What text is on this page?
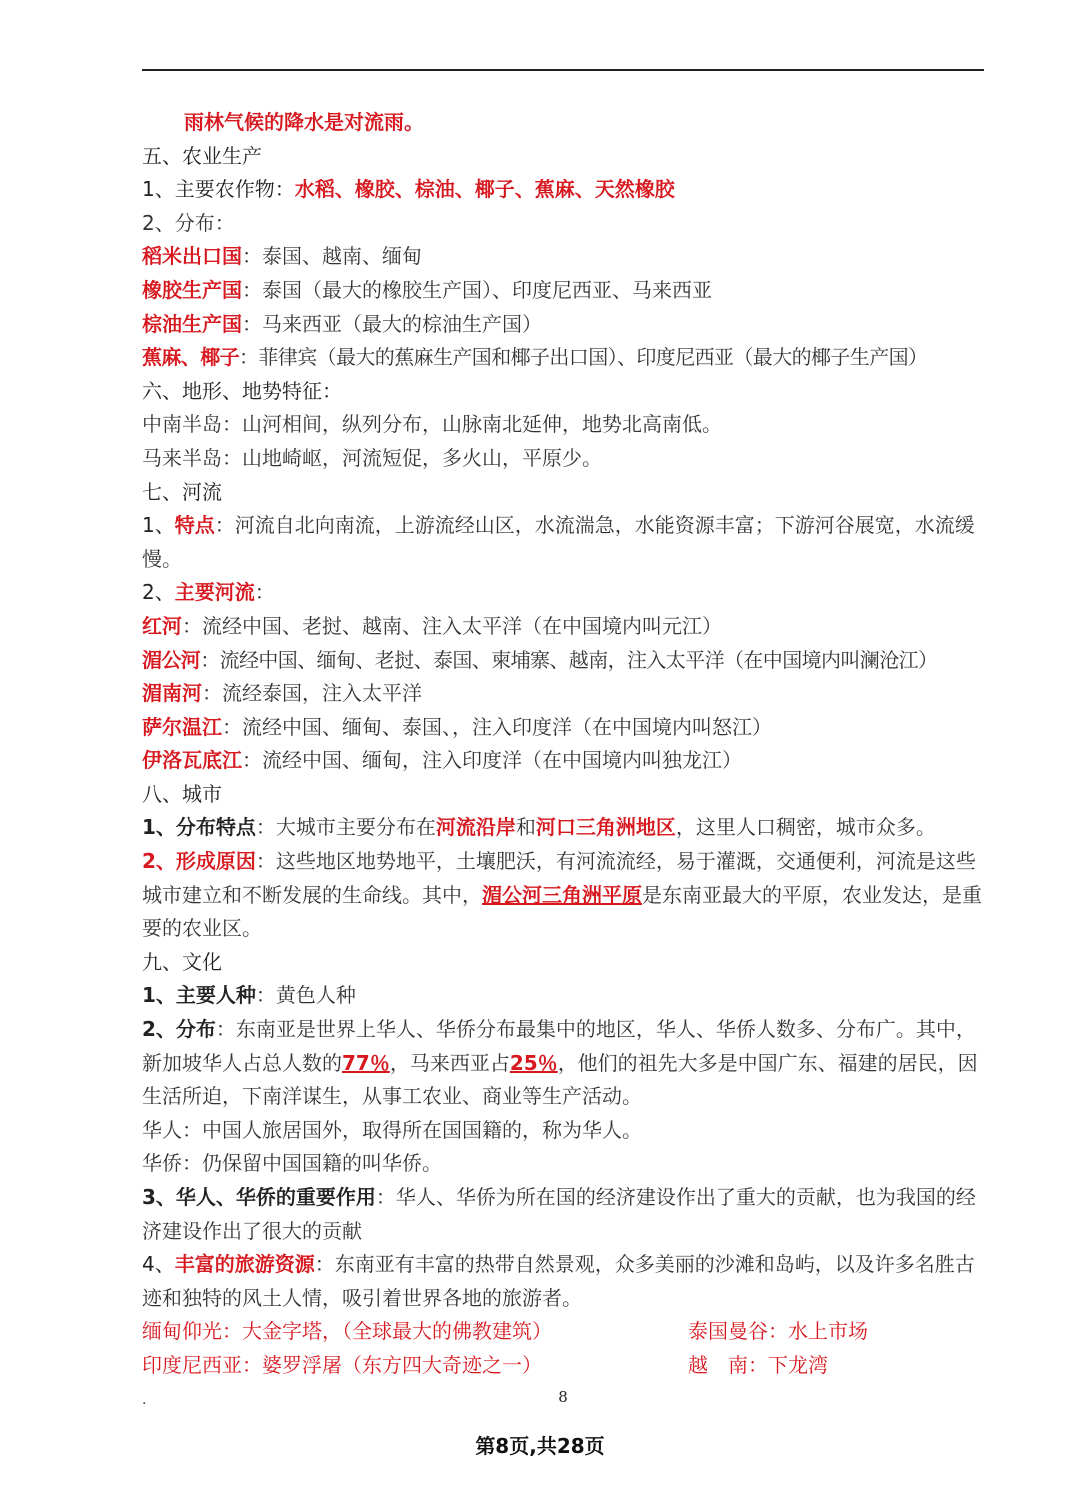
雨林气候的降水是对流雨。
五、农业生产
1、主要农作物：水稻、橡胶、棕油、椰子、蕉麻、天然橡胶
2、分布：
稻米出口国：泰国、越南、缅甸
橡胶生产国：泰国（最大的橡胶生产国）、印度尼西亚、马来西亚
棕油生产国：马来西亚（最大的棕油生产国）
蕉麻、椰子：菲律宾（最大的蕉麻生产国和椰子出口国）、印度尼西亚（最大的椰子生产国）
六、地形、地势特征：
中南半岛：山河相间，纵列分布，山脉南北延伸，地势北高南低。
马来半岛：山地崎岖，河流短促，多火山，平原少。
七、河流
1、特点：河流自北向南流，上游流经山区，水流湍急，水能资源丰富；下游河谷展宽，水流缓慢。
2、主要河流：
红河：流经中国、老挝、越南、注入太平洋（在中国境内叫元江）
湄公河：流经中国、缅甸、老挝、泰国、柬埔寨、越南，注入太平洋（在中国境内叫澜沧江）
湄南河：流经泰国，注入太平洋
萨尔温江：流经中国、缅甸、泰国、，注入印度洋（在中国境内叫怒江）
伊洛瓦底江：流经中国、缅甸，注入印度洋（在中国境内叫独龙江）
八、城市
1、分布特点：大城市主要分布在河流沿岸和河口三角洲地区，这里人口稠密，城市众多。
2、形成原因：这些地区地势地平，土壤肥沃，有河流流经，易于灌溉，交通便利，河流是这些城市建立和不断发展的生命线。其中，湄公河三角洲平原是东南亚最大的平原，农业发达，是重要的农业区。
九、文化
1、主要人种：黄色人种
2、分布：东南亚是世界上华人、华侨分布最集中的地区，华人、华侨人数多、分布广。其中，新加坡华人占总人数的77％，马来西亚占25％，他们的祖先大多是中国广东、福建的居民，因生活所迫，下南洋谋生，从事工农业、商业等生产活动。
华人：中国人旅居国外，取得所在国国籍的，称为华人。
华侨：仍保留中国国籍的叫华侨。
3、华人、华侨的重要作用：华人、华侨为所在国的经济建设作出了重大的贡献，也为我国的经济建设作出了很大的贡献
4、丰富的旅游资源：东南亚有丰富的热带自然景观，众多美丽的沙滩和岛屿，以及许多名胜古迹和独特的风土人情，吸引着世界各地的旅游者。
缅甸仰光：大金字塔，（全球最大的佛教建筑）	泰国曼谷：水上市场
印度尼西亚：婆罗浮屠（东方四大奇迹之一）	越　南：下龙湾
.	8
第8页,共28页
